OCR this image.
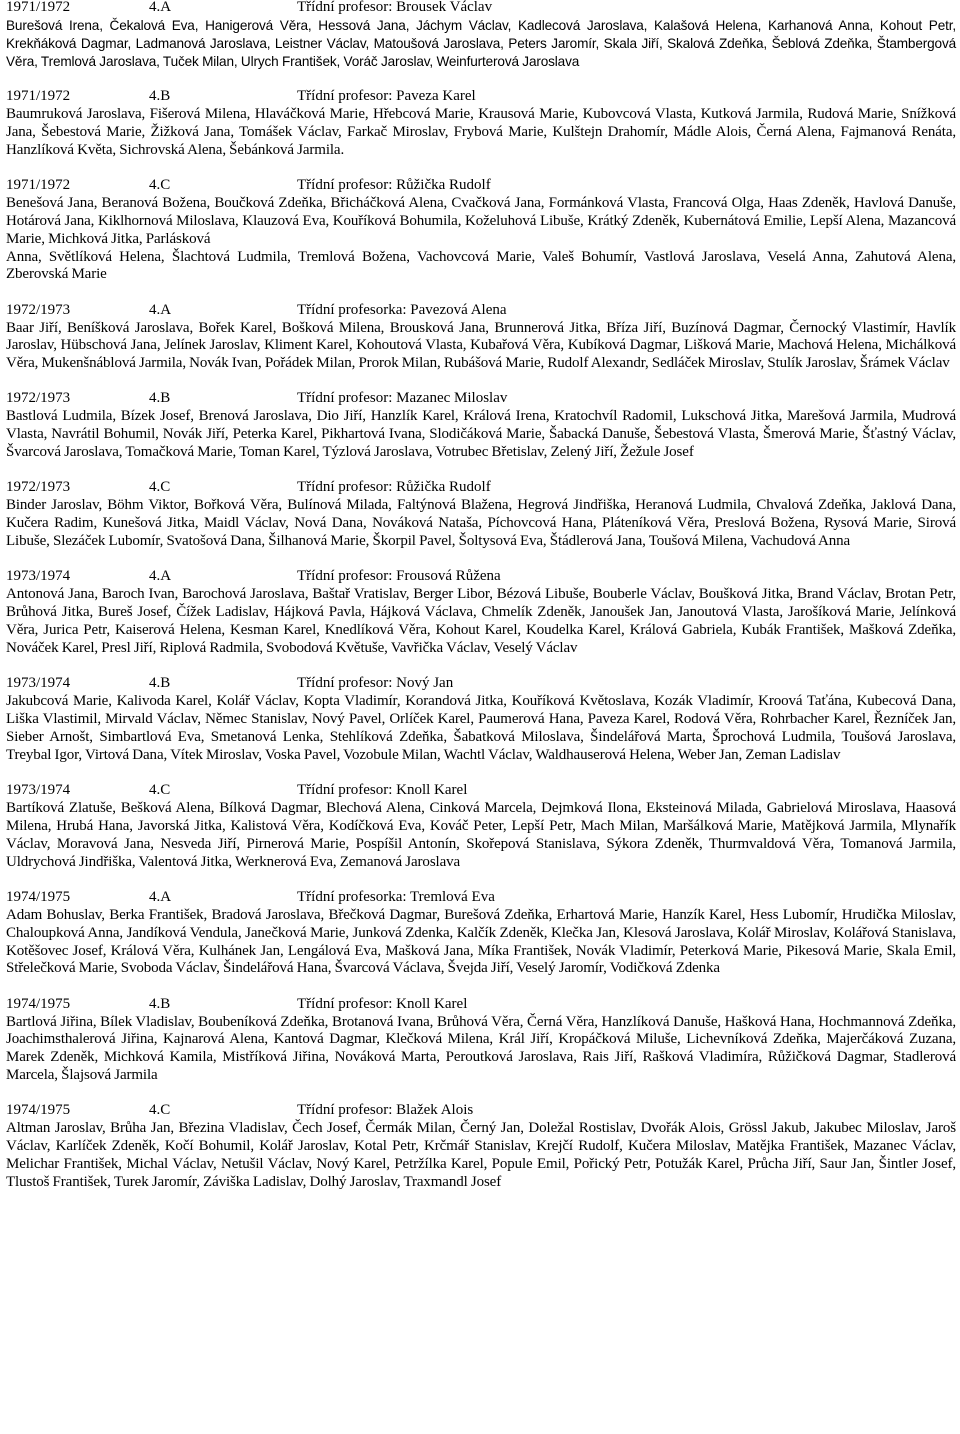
1971/1972	4.A	Třídní profesor: Brousek Václav
Burešová Irena, Čekalová Eva, Hanigerová Věra, Hessová Jana, Jáchym Václav, Kadlecová Jaroslava, Kalašová Helena, Karhanová Anna, Kohout Petr, Krekňáková Dagmar, Ladmanová Jaroslava, Leistner Václav, Matoušová Jaroslava, Peters Jaromír, Skala Jiří, Skalová Zdeňka, Šeblová Zdeňka, Štambergová Věra, Tremlová Jaroslava, Tuček Milan, Ulrych František, Voráč Jaroslav, Weinfurterová Jaroslava
1971/1972	4.B	Třídní profesor: Paveza Karel
Baumruková Jaroslava, Fišerová Milena, Hlaváčková Marie, Hřebcová Marie, Krausová Marie, Kubovcová Vlasta, Kutková Jarmila, Rudová Marie, Snížková Jana, Šebestová Marie, Žižková Jana, Tomášek Václav, Farkač Miroslav, Frybová Marie, Kulštejn Drahomír, Mádle Alois, Černá Alena, Fajmanová Renáta, Hanzlíková Květa, Sichrovská Alena, Šebánková Jarmila.
1971/1972	4.C	Třídní profesor: Růžička Rudolf
Benešová Jana, Beranová Božena, Boučková Zdeňka, Břicháčková Alena, Cvačková Jana, Formánková Vlasta, Francová Olga, Haas Zdeněk, Havlová Danuše, Hotárová Jana, Kiklhornová Miloslava, Klauzová Eva, Kouříková Bohumila, Koželuhová Libuše, Krátký Zdeněk, Kubernátová Emilie, Lepší Alena, Mazancová Marie, Michková Jitka, Parlásková
Anna, Světlíková Helena, Šlachtová Ludmila, Tremlová Božena, Vachovcová Marie, Valeš Bohumír, Vastlová Jaroslava, Veselá Anna, Zahutová Alena, Zberovská Marie
1972/1973	4.A	Třídní profesorka: Pavezová Alena
Baar Jiří, Beníšková Jaroslava, Bořek Karel, Bošková Milena, Brousková Jana, Brunnerová Jitka, Bříza Jiří, Buzínová Dagmar, Černocký Vlastimír, Havlík Jaroslav, Hübschová Jana, Jelínek Jaroslav, Kliment Karel, Kohoutová Vlasta, Kubařová Věra, Kubíková Dagmar, Lišková Marie, Machová Helena, Michálková Věra, Mukenšnáblová Jarmila, Novák Ivan, Pořádek Milan, Prorok Milan, Rubášová Marie, Rudolf Alexandr, Sedláček Miroslav, Stulík Jaroslav, Šrámek Václav
1972/1973	4.B	Třídní profesor: Mazanec Miloslav
Bastlová Ludmila, Bízek Josef, Brenová Jaroslava, Dio Jiří, Hanzlík Karel, Králová Irena, Kratochvíl Radomil, Lukschová Jitka, Marešová Jarmila, Mudrová Vlasta, Navrátil Bohumil, Novák Jiří, Peterka Karel, Pikhartová Ivana, Slodičáková Marie, Šabacká Danuše, Šebestová Vlasta, Šmerová Marie, Šťastný Václav, Švarcová Jaroslava, Tomačková Marie, Toman Karel, Týzlová Jaroslava, Votrubec Břetislav, Zelený Jiří, Žežule Josef
1972/1973	4.C	Třídní profesor: Růžička Rudolf
Binder Jaroslav, Böhm Viktor, Bořková Věra, Bulínová Milada, Faltýnová Blažena, Hegrová Jindřiška, Heranová Ludmila, Chvalová Zdeňka, Jaklová Dana, Kučera Radim, Kunešová Jitka, Maidl Václav, Nová Dana, Nováková Nataša, Píchovcová Hana, Pláteníková Věra, Preslová Božena, Rysová Marie, Sirová Libuše, Slezáček Lubomír, Svatošová Dana, Šilhanová Marie, Škorpil Pavel, Šoltysová Eva, Štádlerová Jana, Toušová Milena, Vachudová Anna
1973/1974	4.A	Třídní profesor: Frousová Růžena
Antonová Jana, Baroch Ivan, Barochová Jaroslava, Baštař Vratislav, Berger Libor, Bézová Libuše, Bouberle Václav, Boušková Jitka, Brand Václav, Brotan Petr, Brůhová Jitka, Bureš Josef, Čížek Ladislav, Hájková Pavla, Hájková Václava, Chmelík Zdeněk, Janoušek Jan, Janoutová Vlasta, Jarošíková Marie, Jelínková Věra, Jurica Petr, Kaiserová Helena, Kesman Karel, Knedlíková Věra, Kohout Karel, Koudelka Karel, Králová Gabriela, Kubák František, Mašková Zdeňka, Nováček Karel, Presl Jiří, Riplová Radmila, Svobodová Květuše, Vavřička Václav, Veselý Václav
1973/1974	4.B	Třídní profesor: Nový Jan
Jakubcová Marie, Kalivoda Karel, Kolář Václav, Kopta Vladimír, Korandová Jitka, Kouříková Květoslava, Kozák Vladimír, Kroová Taťána, Kubecová Dana, Liška Vlastimil, Mirvald Václav, Němec Stanislav, Nový Pavel, Orlíček Karel, Paumerová Hana, Paveza Karel, Rodová Věra, Rohrbacher Karel, Řezníček Jan, Sieber Arnošt, Simbartlová Eva, Smetanová Lenka, Stehlíková Zdeňka, Šabatková Miloslava, Šindelářová Marta, Šprochová Ludmila, Toušová Jaroslava, Treybal Igor, Virtová Dana, Vítek Miroslav, Voska Pavel, Vozobule Milan, Wachtl Václav, Waldhauserová Helena, Weber Jan, Zeman Ladislav
1973/1974	4.C	Třídní profesor: Knoll Karel
Bartíková Zlatuše, Bešková Alena, Bílková Dagmar, Blechová Alena, Cinková Marcela, Dejmková Ilona, Eksteinová Milada, Gabrielová Miroslava, Haasová Milena, Hrubá Hana, Javorská Jitka, Kalistová Věra, Kodíčková Eva, Kováč Peter, Lepší Petr, Mach Milan, Maršálková Marie, Matějková Jarmila, Mlynařík Václav, Moravová Jana, Nesveda Jiří, Pirnerová Marie, Pospíšil Antonín, Skořepová Stanislava, Sýkora Zdeněk, Thurmvaldová Věra, Tomanová Jarmila, Uldrychová Jindřiška, Valentová Jitka, Werknerová Eva, Zemanová Jaroslava
1974/1975	4.A	Třídní profesorka: Tremlová Eva
Adam Bohuslav, Berka František, Bradová Jaroslava, Břečková Dagmar, Burešová Zdeňka, Erhartová Marie, Hanzík Karel, Hess Lubomír, Hrudička Miloslav, Chaloupková Anna, Jandíková Vendula, Janečková Marie, Junková Zdenka, Kalčík Zdeněk, Klečka Jan, Klesová Jaroslava, Kolář Miroslav, Kolářová Stanislava, Kotěšovec Josef, Králová Věra, Kulhánek Jan, Lengálová Eva, Mašková Jana, Míka František, Novák Vladimír, Peterková Marie, Pikesová Marie, Skala Emil, Střelečková Marie, Svoboda Václav, Šindelářová Hana, Švarcová Václava, Švejda Jiří, Veselý Jaromír, Vodičková Zdenka
1974/1975	4.B	Třídní profesor: Knoll Karel
Bartlová Jiřina, Bílek Vladislav, Boubeníková Zdeňka, Brotanová Ivana, Brůhová Věra, Černá Věra, Hanzlíková Danuše, Hašková Hana, Hochmannová Zdeňka, Joachimsthalerová Jiřina, Kajnarová Alena, Kantová Dagmar, Klečková Milena, Král Jiří, Kropáčková Miluše, Lichevníková Zdeňka, Majerčáková Zuzana, Marek Zdeněk, Michková Kamila, Mistříková Jiřina, Nováková Marta, Peroutková Jaroslava, Rais Jiří, Rašková Vladimíra, Růžičková Dagmar, Stadlerová Marcela, Šlajsová Jarmila
1974/1975	4.C	Třídní profesor: Blažek Alois
Altman Jaroslav, Brůha Jan, Březina Vladislav, Čech Josef, Čermák Milan, Černý Jan, Doležal Rostislav, Dvořák Alois, Grössl Jakub, Jakubec Miloslav, Jaroš Václav, Karlíček Zdeněk, Kočí Bohumil, Kolář Jaroslav, Kotal Petr, Krčmář Stanislav, Krejčí Rudolf, Kučera Miloslav, Matějka František, Mazanec Václav, Melichar František, Michal Václav, Netušil Václav, Nový Karel, Petržílka Karel, Popule Emil, Pořický Petr, Potužák Karel, Průcha Jiří, Saur Jan, Šintler Josef, Tlustoš František, Turek Jaromír, Záviška Ladislav, Dolhý Jaroslav, Traxmandl Josef
